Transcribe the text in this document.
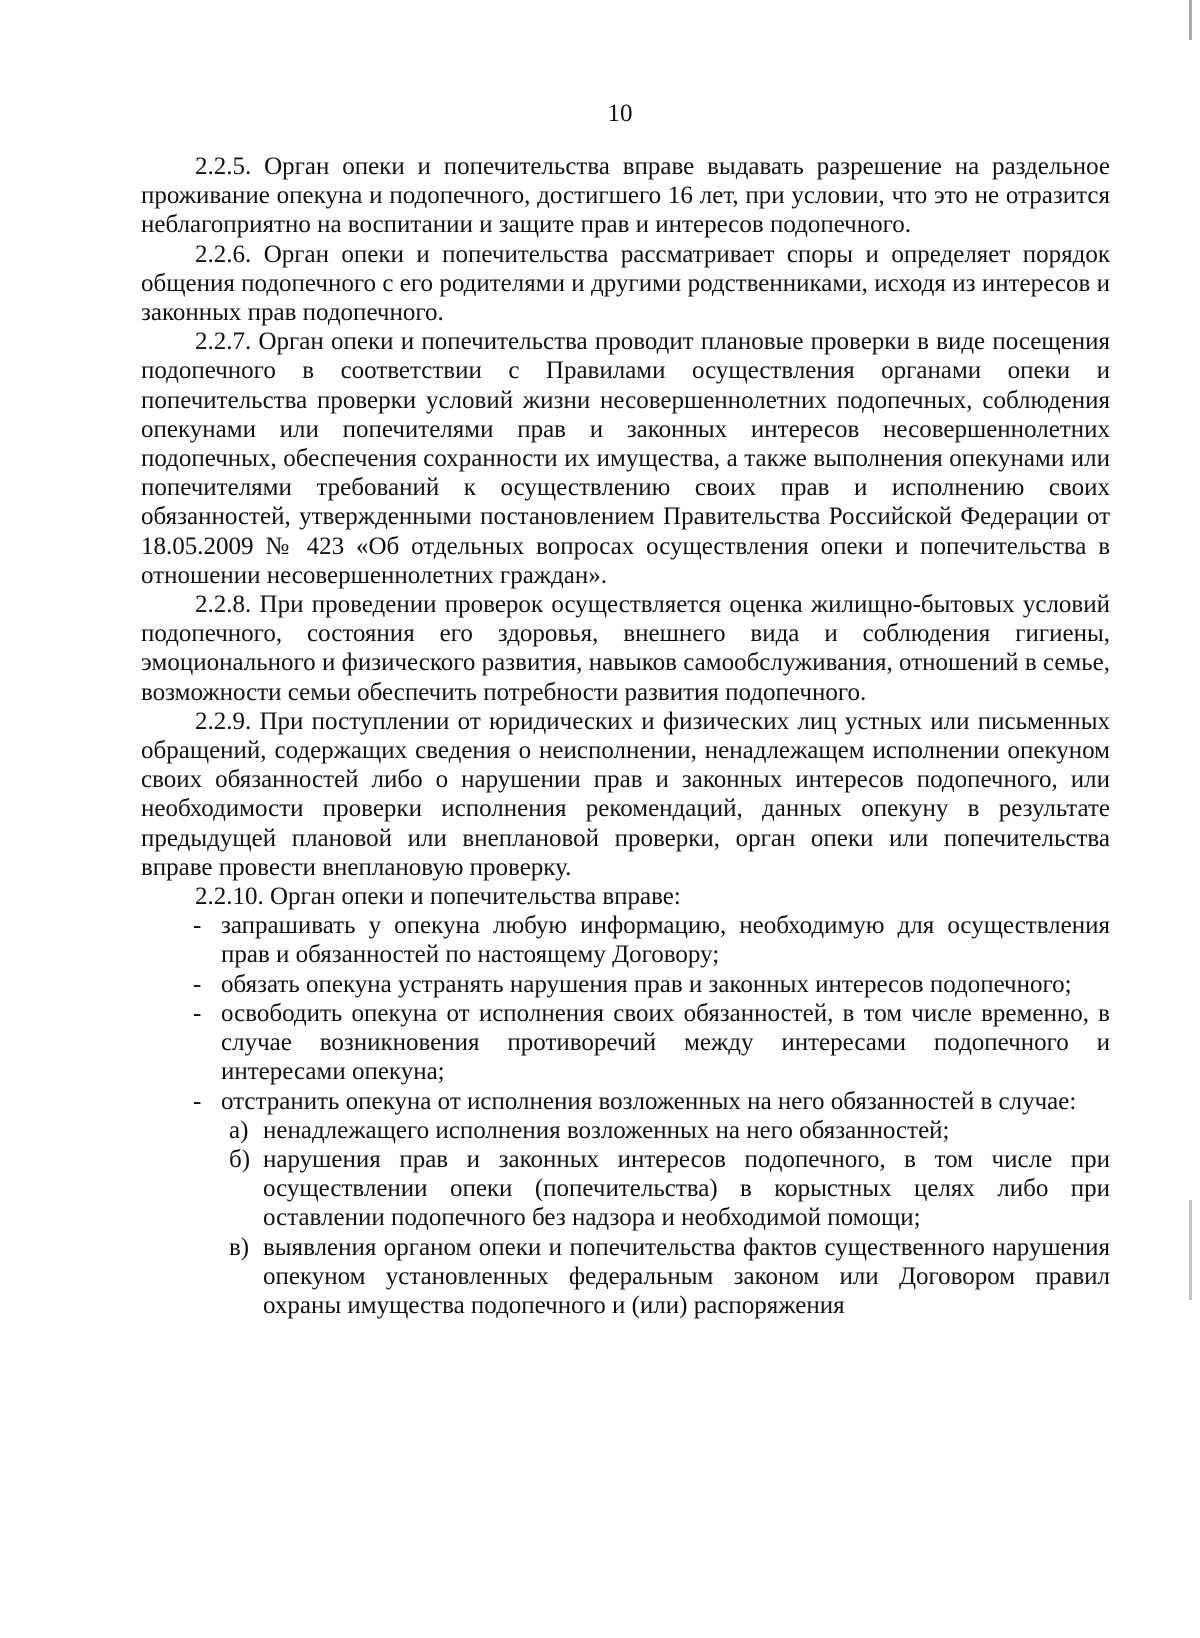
10

2.2.5. Орган опеки и попечительства вправе выдавать разрешение на раздельное проживание опекуна и подопечного, достигшего 16 лет, при условии, что это не отразится неблагоприятно на воспитании и защите прав и интересов подопечного.

2.2.6. Орган опеки и попечительства рассматривает споры и определяет порядок общения подопечного с его родителями и другими родственниками, исходя из интересов и законных прав подопечного.

2.2.7. Орган опеки и попечительства проводит плановые проверки в виде посещения подопечного в соответствии с Правилами осуществления органами опеки и попечительства проверки условий жизни несовершеннолетних подопечных, соблюдения опекунами или попечителями прав и законных интересов несовершеннолетних подопечных, обеспечения сохранности их имущества, а также выполнения опекунами или попечителями требований к осуществлению своих прав и исполнению своих обязанностей, утвержденными постановлением Правительства Российской Федерации от 18.05.2009 № 423 «Об отдельных вопросах осуществления опеки и попечительства в отношении несовершеннолетних граждан».

2.2.8. При проведении проверок осуществляется оценка жилищно-бытовых условий подопечного, состояния его здоровья, внешнего вида и соблюдения гигиены, эмоционального и физического развития, навыков самообслуживания, отношений в семье, возможности семьи обеспечить потребности развития подопечного.

2.2.9. При поступлении от юридических и физических лиц устных или письменных обращений, содержащих сведения о неисполнении, ненадлежащем исполнении опекуном своих обязанностей либо о нарушении прав и законных интересов подопечного, или необходимости проверки исполнения рекомендаций, данных опекуну в результате предыдущей плановой или внеплановой проверки, орган опеки или попечительства вправе провести внеплановую проверку.

2.2.10. Орган опеки и попечительства вправе:

- запрашивать у опекуна любую информацию, необходимую для осуществления прав и обязанностей по настоящему Договору;
- обязать опекуна устранять нарушения прав и законных интересов подопечного;
- освободить опекуна от исполнения своих обязанностей, в том числе временно, в случае возникновения противоречий между интересами подопечного и интересами опекуна;
- отстранить опекуна от исполнения возложенных на него обязанностей в случае:
а) ненадлежащего исполнения возложенных на него обязанностей;
б) нарушения прав и законных интересов подопечного, в том числе при осуществлении опеки (попечительства) в корыстных целях либо при оставлении подопечного без надзора и необходимой помощи;
в) выявления органом опеки и попечительства фактов существенного нарушения опекуном установленных федеральным законом или Договором правил охраны имущества подопечного и (или) распоряжения
